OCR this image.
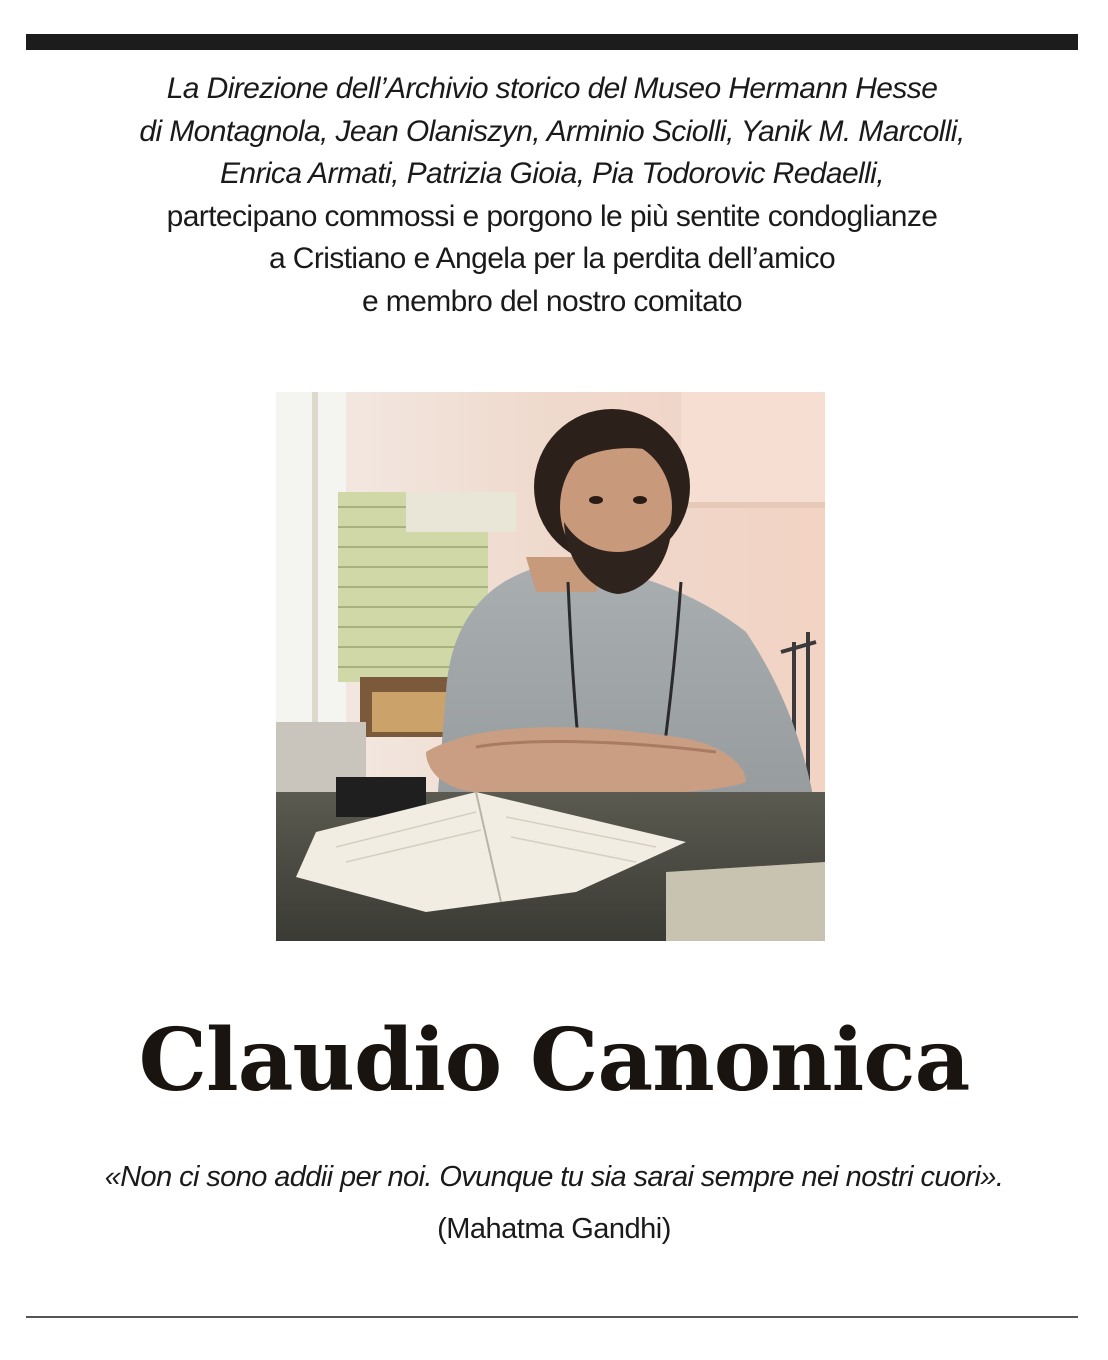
La Direzione dell’Archivio storico del Museo Hermann Hesse
di Montagnola, Jean Olaniszyn, Arminio Sciolli, Yanik M. Marcolli,
Enrica Armati, Patrizia Gioia, Pia Todorovic Redaelli,
partecipano commossi e porgono le più sentite condoglianze
a Cristiano e Angela per la perdita dell’amico
e membro del nostro comitato
Claudio Canonica
«Non ci sono addii per noi. Ovunque tu sia sarai sempre nei nostri cuori».
(Mahatma Gandhi)
